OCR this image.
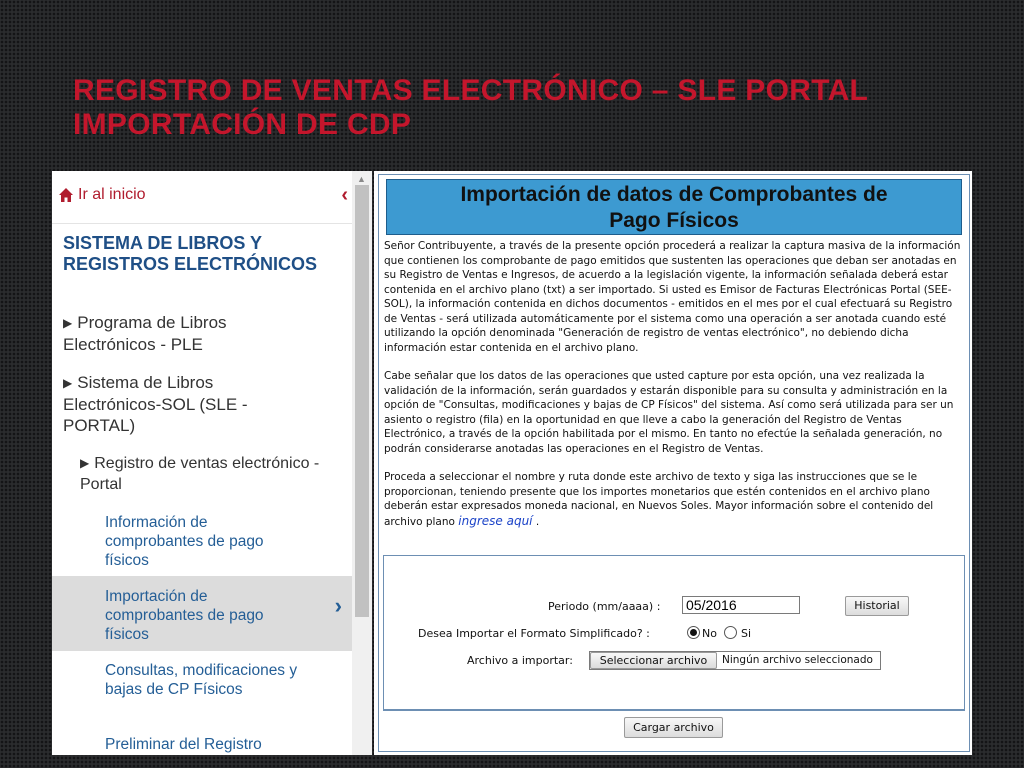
REGISTRO DE VENTAS ELECTRÓNICO – SLE PORTAL
IMPORTACIÓN DE CDP
Ir al inicio	‹
SISTEMA DE LIBROS Y REGISTROS ELECTRÓNICOS
▶ Programa de Libros Electrónicos - PLE
▶ Sistema de Libros Electrónicos-SOL (SLE - PORTAL)
▶ Registro de ventas electrónico - Portal
Información de comprobantes de pago físicos
Importación de comprobantes de pago físicos
›
Consultas, modificaciones y bajas de CP Físicos
Preliminar del Registro
▲
Importación de datos de Comprobantes de
Pago Físicos

Señor Contribuyente, a través de la presente opción procederá a realizar la captura masiva de la información que contienen los comprobante de pago emitidos que sustenten las operaciones que deban ser anotadas en su Registro de Ventas e Ingresos, de acuerdo a la legislación vigente, la información señalada deberá estar contenida en el archivo plano (txt) a ser importado. Si usted es Emisor de Facturas Electrónicas Portal (SEE-SOL), la información contenida en dichos documentos - emitidos en el mes por el cual efectuará su Registro de Ventas - será utilizada automáticamente por el sistema como una operación a ser anotada cuando esté utilizando la opción denominada "Generación de registro de ventas electrónico", no debiendo dicha información estar contenida en el archivo plano.

Cabe señalar que los datos de las operaciones que usted capture por esta opción, una vez realizada la validación de la información, serán guardados y estarán disponible para su consulta y administración en la opción de "Consultas, modificaciones y bajas de CP Físicos" del sistema. Así como será utilizada para ser un asiento o registro (fila) en la oportunidad en que lleve a cabo la generación del Registro de Ventas Electrónico, a través de la opción habilitada por el mismo. En tanto no efectúe la señalada generación, no podrán considerarse anotadas las operaciones en el Registro de Ventas.

Proceda a seleccionar el nombre y ruta donde este archivo de texto y siga las instrucciones que se le proporcionan, teniendo presente que los importes monetarios que estén contenidos en el archivo plano deberán estar expresados moneda nacional, en Nuevos Soles. Mayor información sobre el contenido del archivo plano ingrese aquí .

Periodo (mm/aaaa) :
05/2016	Historial
Desea Importar el Formato Simplificado? :	No Si
Archivo a importar:	Seleccionar archivo	Ningún archivo seleccionado
Cargar archivo
